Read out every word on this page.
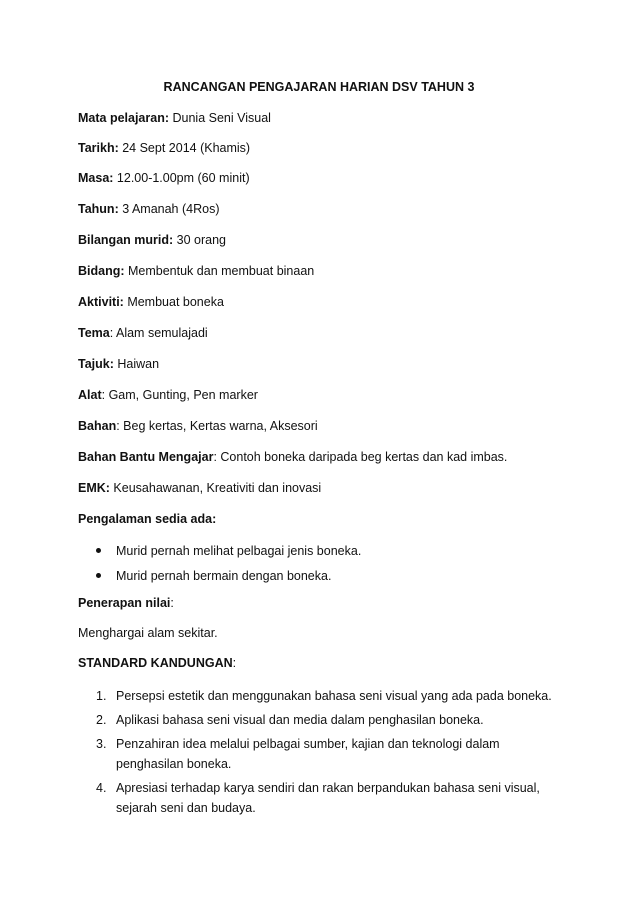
RANCANGAN PENGAJARAN HARIAN DSV TAHUN 3
Mata pelajaran: Dunia Seni Visual
Tarikh: 24 Sept 2014 (Khamis)
Masa: 12.00-1.00pm (60 minit)
Tahun: 3 Amanah (4Ros)
Bilangan murid: 30 orang
Bidang: Membentuk dan membuat binaan
Aktiviti: Membuat boneka
Tema: Alam semulajadi
Tajuk: Haiwan
Alat: Gam, Gunting, Pen marker
Bahan: Beg kertas, Kertas warna, Aksesori
Bahan Bantu Mengajar: Contoh boneka daripada beg kertas dan kad imbas.
EMK: Keusahawanan, Kreativiti dan inovasi
Pengalaman sedia ada:
Murid pernah melihat pelbagai jenis boneka.
Murid pernah bermain dengan boneka.
Penerapan nilai:
Menghargai alam sekitar.
STANDARD KANDUNGAN:
1. Persepsi estetik dan menggunakan bahasa seni visual yang ada pada boneka.
2. Aplikasi bahasa seni visual dan media dalam penghasilan boneka.
3. Penzahiran idea melalui pelbagai sumber, kajian dan teknologi dalam penghasilan boneka.
4. Apresiasi terhadap karya sendiri dan rakan berpandukan bahasa seni visual, sejarah seni dan budaya.
